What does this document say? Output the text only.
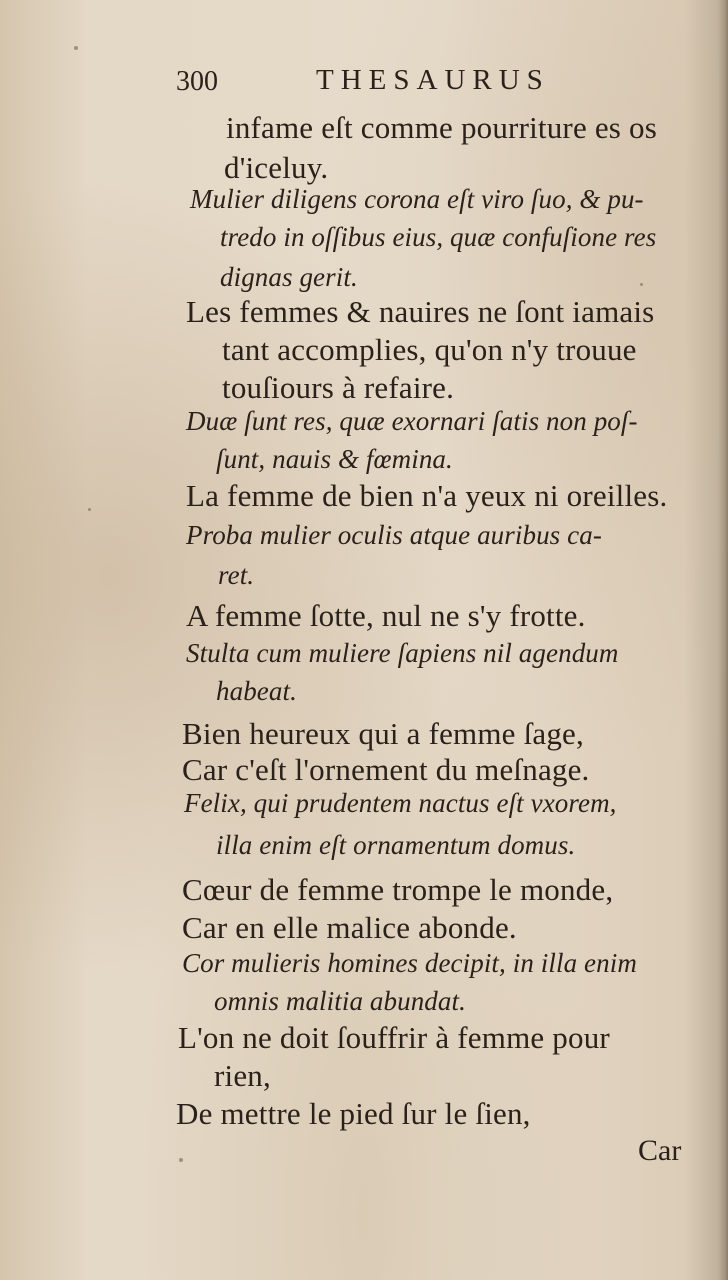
300	THESAURUS
infame eſt comme pourriture es os
d'iceluy.
Mulier diligens corona eſt viro ſuo, & pu-
tredo in oſſibus eius, quæ confuſione res
dignas gerit.
Les femmes & nauires ne ſont iamais
tant accomplies, qu'on n'y trouue
touſiours à refaire.
Duæ ſunt res, quæ exornari ſatis non poſ-
ſunt, nauis & fœmina.
La femme de bien n'a yeux ni oreilles.
Proba mulier oculis atque auribus ca-
ret.
A femme ſotte, nul ne s'y frotte.
Stulta cum muliere ſapiens nil agendum
habeat.
Bien heureux qui a femme ſage,
Car c'eſt l'ornement du meſnage.
Felix, qui prudentem nactus eſt vxorem,
illa enim eſt ornamentum domus.
Cœur de femme trompe le monde,
Car en elle malice abonde.
Cor mulieris homines decipit, in illa enim
omnis malitia abundat.
L'on ne doit ſouffrir à femme pour
rien,
De mettre le pied ſur le ſien,
Car
